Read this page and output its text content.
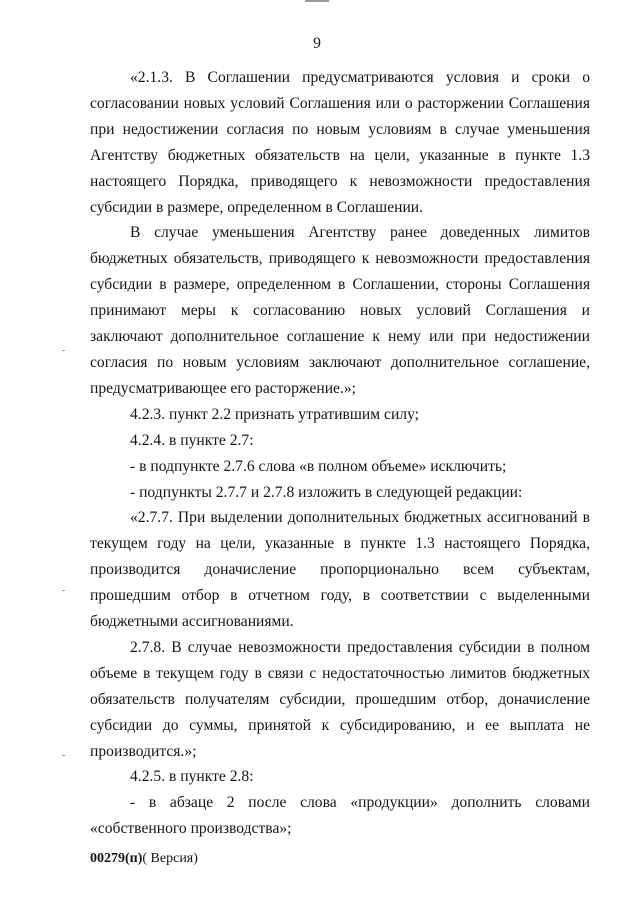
9

«2.1.3. В Соглашении предусматриваются условия и сроки о согласовании новых условий Соглашения или о расторжении Соглашения при недостижении согласия по новым условиям в случае уменьшения Агентству бюджетных обязательств на цели, указанные в пункте 1.3 настоящего Порядка, приводящего к невозможности предоставления субсидии в размере, определенном в Соглашении.

В случае уменьшения Агентству ранее доведенных лимитов бюджетных обязательств, приводящего к невозможности предоставления субсидии в размере, определенном в Соглашении, стороны Соглашения принимают меры к согласованию новых условий Соглашения и заключают дополнительное соглашение к нему или при недостижении согласия по новым условиям заключают дополнительное соглашение, предусматривающее его расторжение.»;

4.2.3. пункт 2.2 признать утратившим силу;

4.2.4. в пункте 2.7:

- в подпункте 2.7.6 слова «в полном объеме» исключить;

- подпункты 2.7.7 и 2.7.8 изложить в следующей редакции:

«2.7.7. При выделении дополнительных бюджетных ассигнований в текущем году на цели, указанные в пункте 1.3 настоящего Порядка, производится доначисление пропорционально всем субъектам, прошедшим отбор в отчетном году, в соответствии с выделенными бюджетными ассигнованиями.

2.7.8. В случае невозможности предоставления субсидии в полном объеме в текущем году в связи с недостаточностью лимитов бюджетных обязательств получателям субсидии, прошедшим отбор, доначисление субсидии до суммы, принятой к субсидированию, и ее выплата не производится.»;

4.2.5. в пункте 2.8:

- в абзаце 2 после слова «продукции» дополнить словами «собственного производства»;

00279(п)( Версия)
